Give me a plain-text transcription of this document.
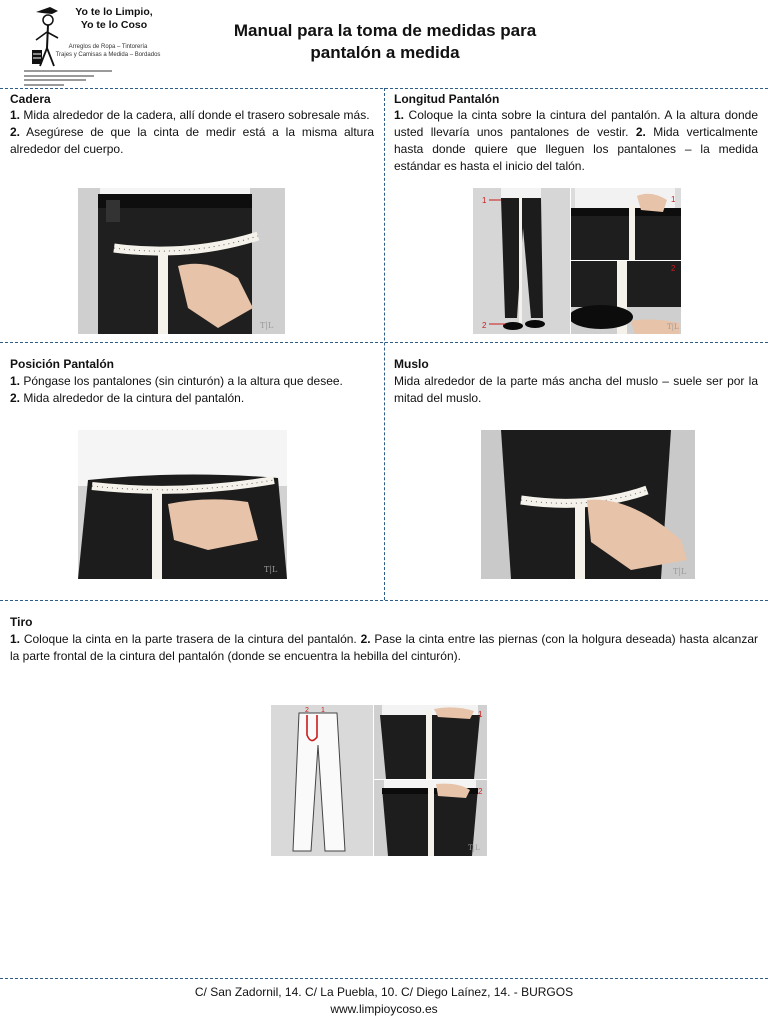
Yo te lo Limpio,
Yo te lo Coso
Arreglos de Ropa – Tintorería
Trajes y Camisas a Medida – Bordados
Manual para la toma de medidas para
pantalón a medida
Cadera
1. Mida alrededor de la cadera, allí donde el trasero sobresale más.
2. Asegúrese de que la cinta de medir está a la misma altura alrededor del cuerpo.
T|L
Longitud Pantalón
1. Coloque la cinta sobre la cintura del pantalón. A la altura donde usted llevaría unos pantalones de vestir. 2. Mida verticalmente hasta donde quiere que lleguen los pantalones – la medida estándar es hasta el inicio del talón.
1
2
1
2
T|L
Posición Pantalón
1. Póngase los pantalones (sin cinturón) a la altura que desee.
2. Mida alrededor de la cintura del pantalón.
T|L
Muslo
Mida alrededor de la parte más ancha del muslo – suele ser por la mitad del muslo.
T|L
Tiro
1. Coloque la cinta en la parte trasera de la cintura del pantalón. 2. Pase la cinta entre las piernas (con la holgura deseada) hasta alcanzar la parte frontal de la cintura del pantalón (donde se encuentra la hebilla del cinturón).
2 1	1
2
T|L
C/ San Zadornil, 14. C/ La Puebla, 10. C/ Diego Laínez, 14. - BURGOS
www.limpioycoso.es
